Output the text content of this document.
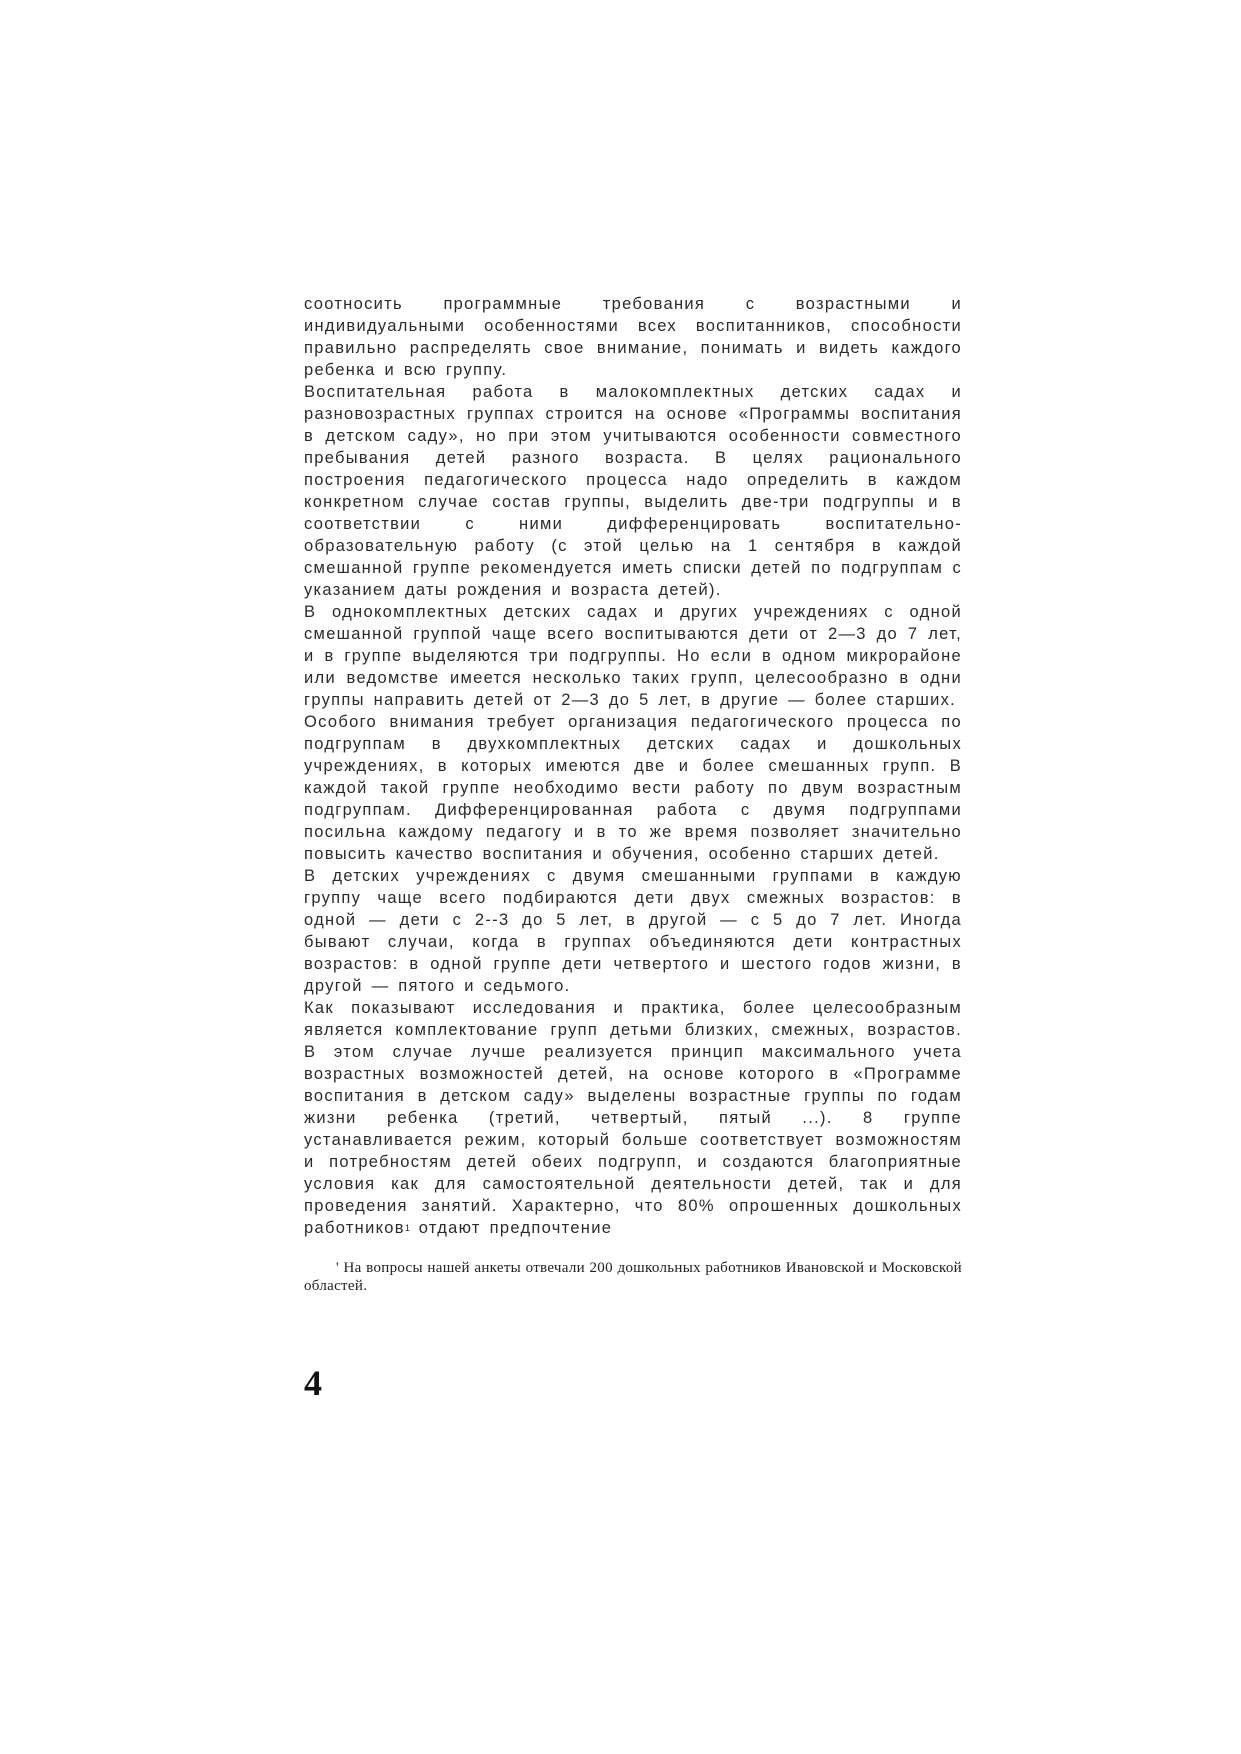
соотносить программные требования с возрастными и индивидуальными особенностями всех воспитанников, способности правильно распределять свое внимание, понимать и видеть каждого ребенка и всю группу.

Воспитательная работа в малокомплектных детских садах и разновозрастных группах строится на основе «Программы воспитания в детском саду», но при этом учитываются особенности совместного пребывания детей разного возраста. В целях рационального построения педагогического процесса надо определить в каждом конкретном случае состав группы, выделить две-три подгруппы и в соответствии с ними дифференцировать воспитательно-образовательную работу (с этой целью на 1 сентября в каждой смешанной группе рекомендуется иметь списки детей по подгруппам с указанием даты рождения и возраста детей).

В однокомплектных детских садах и других учреждениях с одной смешанной группой чаще всего воспитываются дети от 2—3 до 7 лет, и в группе выделяются три подгруппы. Но если в одном микрорайоне или ведомстве имеется несколько таких групп, целесообразно в одни группы направить детей от 2—3 до 5 лет, в другие — более старших.

Особого внимания требует организация педагогического процесса по подгруппам в двухкомплектных детских садах и дошкольных учреждениях, в которых имеются две и более смешанных групп. В каждой такой группе необходимо вести работу по двум возрастным подгруппам. Дифференцированная работа с двумя подгруппами посильна каждому педагогу и в то же время позволяет значительно повысить качество воспитания и обучения, особенно старших детей.

В детских учреждениях с двумя смешанными группами в каждую группу чаще всего подбираются дети двух смежных возрастов: в одной — дети с 2--3 до 5 лет, в другой — с 5 до 7 лет. Иногда бывают случаи, когда в группах объединяются дети контрастных возрастов: в одной группе дети четвертого и шестого годов жизни, в другой — пятого и седьмого.

Как показывают исследования и практика, более целесообразным является комплектование групп детьми близких, смежных, возрастов. В этом случае лучше реализуется принцип максимального учета возрастных возможностей детей, на основе которого в «Программе воспитания в детском саду» выделены возрастные группы по годам жизни ребенка (третий, четвертый, пятый ...). 8 группе устанавливается режим, который больше соответствует возможностям и потребностям детей обеих подгрупп, и создаются благоприятные условия как для самостоятельной деятельности детей, так и для проведения занятий. Характерно, что 80% опрошенных дошкольных работников$^1$ отдают предпочтение

' На вопросы нашей анкеты отвечали 200 дошкольных работников Ивановской и Московской областей.

4
